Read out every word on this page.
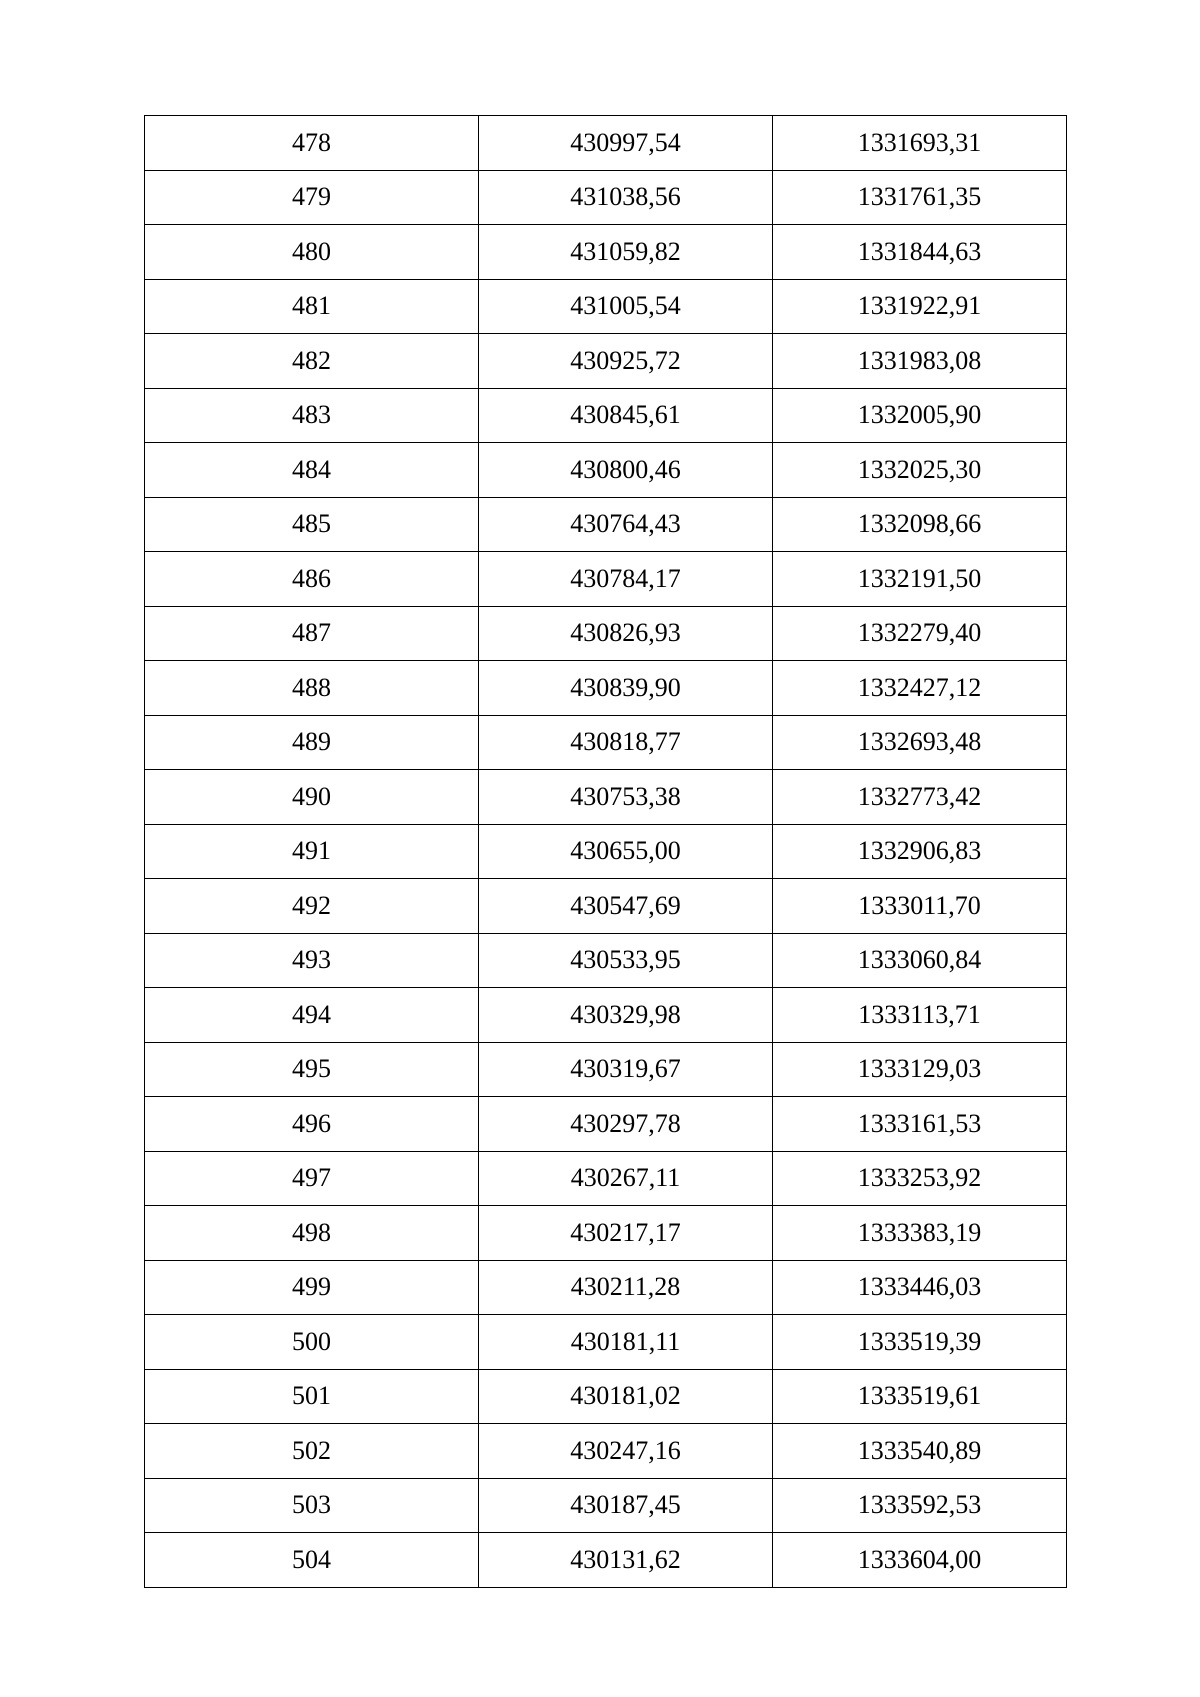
478	430997,54	1331693,31
479	431038,56	1331761,35
480	431059,82	1331844,63
481	431005,54	1331922,91
482	430925,72	1331983,08
483	430845,61	1332005,90
484	430800,46	1332025,30
485	430764,43	1332098,66
486	430784,17	1332191,50
487	430826,93	1332279,40
488	430839,90	1332427,12
489	430818,77	1332693,48
490	430753,38	1332773,42
491	430655,00	1332906,83
492	430547,69	1333011,70
493	430533,95	1333060,84
494	430329,98	1333113,71
495	430319,67	1333129,03
496	430297,78	1333161,53
497	430267,11	1333253,92
498	430217,17	1333383,19
499	430211,28	1333446,03
500	430181,11	1333519,39
501	430181,02	1333519,61
502	430247,16	1333540,89
503	430187,45	1333592,53
504	430131,62	1333604,00
